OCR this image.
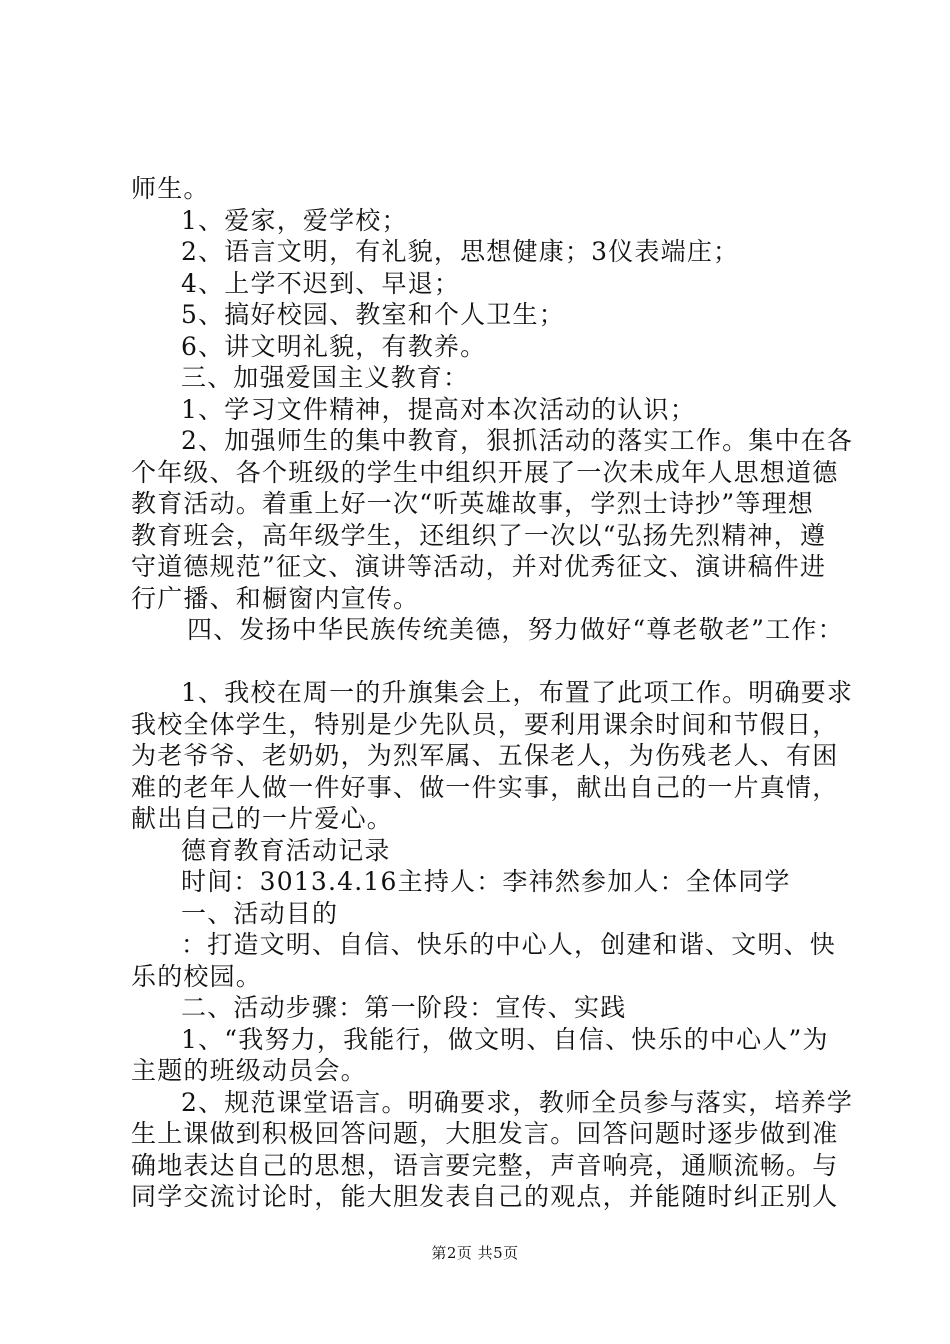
师生。
1、爱家，爱学校；
2、语言文明，有礼貌，思想健康；3仪表端庄；
4、上学不迟到、早退；
5、搞好校园、教室和个人卫生；
6、讲文明礼貌，有教养。
三、加强爱国主义教育：
1、学习文件精神，提高对本次活动的认识；
2、加强师生的集中教育，狠抓活动的落实工作。集中在各
个年级、各个班级的学生中组织开展了一次未成年人思想道德
教育活动。着重上好一次“听英雄故事，学烈士诗抄”等理想
教育班会，高年级学生，还组织了一次以“弘扬先烈精神，遵
守道德规范”征文、演讲等活动，并对优秀征文、演讲稿件进
行广播、和橱窗内宣传。
四、发扬中华民族传统美德，努力做好“尊老敬老”工作：
1、我校在周一的升旗集会上，布置了此项工作。明确要求
我校全体学生，特别是少先队员，要利用课余时间和节假日，
为老爷爷、老奶奶，为烈军属、五保老人，为伤残老人、有困
难的老年人做一件好事、做一件实事，献出自己的一片真情，
献出自己的一片爱心。
德育教育活动记录
时间：3013.4.16主持人：李祎然参加人：全体同学
一、活动目的
：打造文明、自信、快乐的中心人，创建和谐、文明、快
乐的校园。
二、活动步骤：第一阶段：宣传、实践
1、“我努力，我能行，做文明、自信、快乐的中心人”为
主题的班级动员会。
2、规范课堂语言。明确要求，教师全员参与落实，培养学
生上课做到积极回答问题，大胆发言。回答问题时逐步做到准
确地表达自己的思想，语言要完整，声音响亮，通顺流畅。与
同学交流讨论时，能大胆发表自己的观点，并能随时纠正别人
第2页 共5页
